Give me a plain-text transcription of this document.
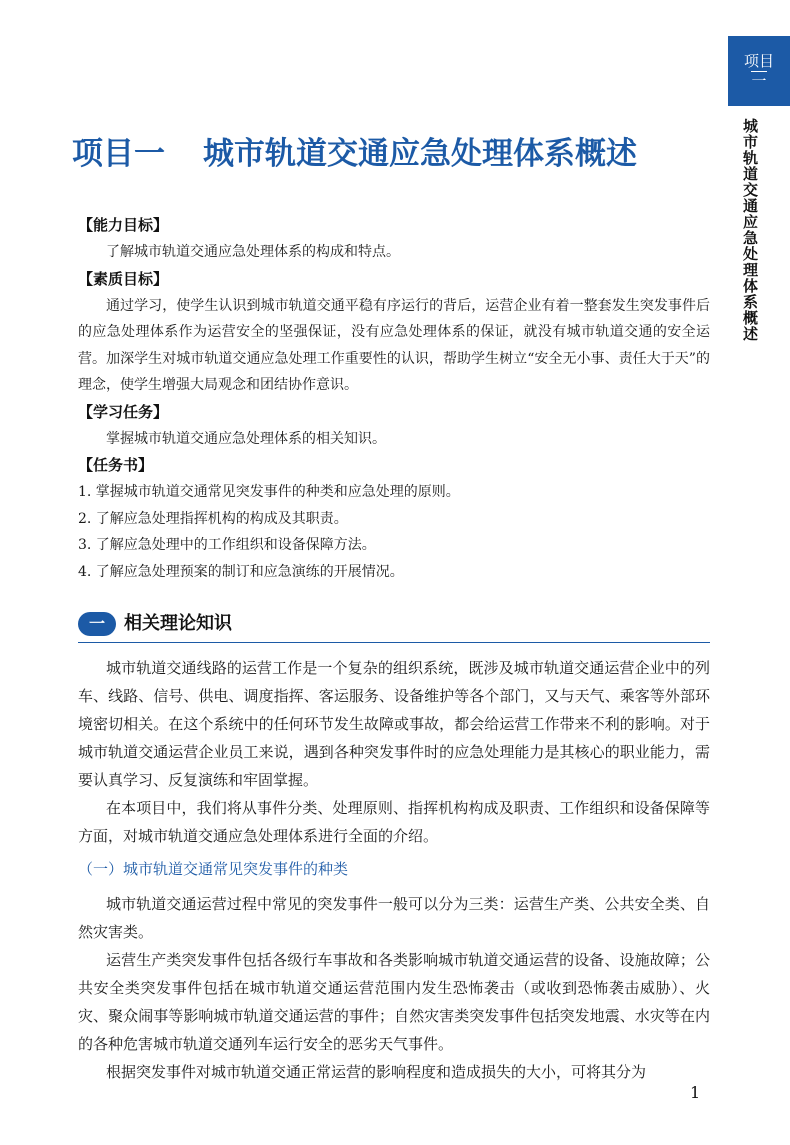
项目
一
城市轨道交通应急处理体系概述
项目一 城市轨道交通应急处理体系概述
【能力目标】

了解城市轨道交通应急处理体系的构成和特点。

【素质目标】

通过学习，使学生认识到城市轨道交通平稳有序运行的背后，运营企业有着一整套发生突发事件后的应急处理体系作为运营安全的坚强保证，没有应急处理体系的保证，就没有城市轨道交通的安全运营。加深学生对城市轨道交通应急处理工作重要性的认识，帮助学生树立“安全无小事、责任大于天”的理念，使学生增强大局观念和团结协作意识。

【学习任务】

掌握城市轨道交通应急处理体系的相关知识。

【任务书】
1. 掌握城市轨道交通常见突发事件的种类和应急处理的原则。
2. 了解应急处理指挥机构的构成及其职责。
3. 了解应急处理中的工作组织和设备保障方法。
4. 了解应急处理预案的制订和应急演练的开展情况。
一	相关理论知识

城市轨道交通线路的运营工作是一个复杂的组织系统，既涉及城市轨道交通运营企业中的列车、线路、信号、供电、调度指挥、客运服务、设备维护等各个部门，又与天气、乘客等外部环境密切相关。在这个系统中的任何环节发生故障或事故，都会给运营工作带来不利的影响。对于城市轨道交通运营企业员工来说，遇到各种突发事件时的应急处理能力是其核心的职业能力，需要认真学习、反复演练和牢固掌握。

在本项目中，我们将从事件分类、处理原则、指挥机构构成及职责、工作组织和设备保障等方面，对城市轨道交通应急处理体系进行全面的介绍。

（一）城市轨道交通常见突发事件的种类

城市轨道交通运营过程中常见的突发事件一般可以分为三类：运营生产类、公共安全类、自然灾害类。

运营生产类突发事件包括各级行车事故和各类影响城市轨道交通运营的设备、设施故障；公共安全类突发事件包括在城市轨道交通运营范围内发生恐怖袭击（或收到恐怖袭击威胁）、火灾、聚众闹事等影响城市轨道交通运营的事件；自然灾害类突发事件包括突发地震、水灾等在内的各种危害城市轨道交通列车运行安全的恶劣天气事件。

根据突发事件对城市轨道交通正常运营的影响程度和造成损失的大小，可将其分为

1
